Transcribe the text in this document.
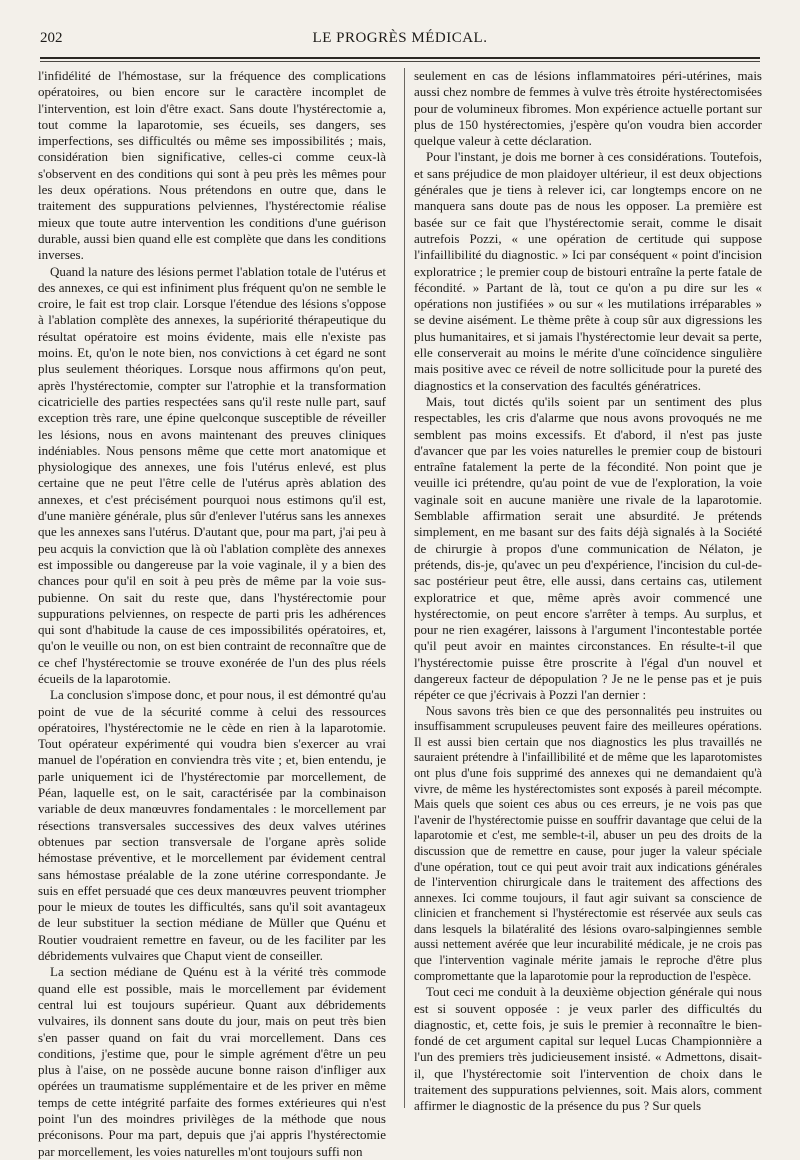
202	LE PROGRÈS MÉDICAL.

l'infidélité de l'hémostase, sur la fréquence des complications opératoires, ou bien encore sur le caractère incomplet de l'intervention, est loin d'être exact. Sans doute l'hystérectomie a, tout comme la laparotomie, ses écueils, ses dangers, ses imperfections, ses difficultés ou même ses impossibilités ; mais, considération bien significative, celles-ci comme ceux-là s'observent en des conditions qui sont à peu près les mêmes pour les deux opérations. Nous prétendons en outre que, dans le traitement des suppurations pelviennes, l'hystérectomie réalise mieux que toute autre intervention les conditions d'une guérison durable, aussi bien quand elle est complète que dans les conditions inverses.

Quand la nature des lésions permet l'ablation totale de l'utérus et des annexes, ce qui est infiniment plus fréquent qu'on ne semble le croire, le fait est trop clair. Lorsque l'étendue des lésions s'oppose à l'ablation complète des annexes, la supériorité thérapeutique du résultat opératoire est moins évidente, mais elle n'existe pas moins. Et, qu'on le note bien, nos convictions à cet égard ne sont plus seulement théoriques. Lorsque nous affirmons qu'on peut, après l'hystérectomie, compter sur l'atrophie et la transformation cicatricielle des parties respectées sans qu'il reste nulle part, sauf exception très rare, une épine quelconque susceptible de réveiller les lésions, nous en avons maintenant des preuves cliniques indéniables. Nous pensons même que cette mort anatomique et physiologique des annexes, une fois l'utérus enlevé, est plus certaine que ne peut l'être celle de l'utérus après ablation des annexes, et c'est précisément pourquoi nous estimons qu'il est, d'une manière générale, plus sûr d'enlever l'utérus sans les annexes que les annexes sans l'utérus. D'autant que, pour ma part, j'ai peu à peu acquis la conviction que là où l'ablation complète des annexes est impossible ou dangereuse par la voie vaginale, il y a bien des chances pour qu'il en soit à peu près de même par la voie sus-pubienne. On sait du reste que, dans l'hystérectomie pour suppurations pelviennes, on respecte de parti pris les adhérences qui sont d'habitude la cause de ces impossibilités opératoires, et, qu'on le veuille ou non, on est bien contraint de reconnaître que de ce chef l'hystérectomie se trouve exonérée de l'un des plus réels écueils de la laparotomie.

La conclusion s'impose donc, et pour nous, il est démontré qu'au point de vue de la sécurité comme à celui des ressources opératoires, l'hystérectomie ne le cède en rien à la laparotomie. Tout opérateur expérimenté qui voudra bien s'exercer au vrai manuel de l'opération en conviendra très vite ; et, bien entendu, je parle uniquement ici de l'hystérectomie par morcellement, de Péan, laquelle est, on le sait, caractérisée par la combinaison variable de deux manœuvres fondamentales : le morcellement par résections transversales successives des deux valves utérines obtenues par section transversale de l'organe après solide hémostase préventive, et le morcellement par évidement central sans hémostase préalable de la zone utérine correspondante. Je suis en effet persuadé que ces deux manœuvres peuvent triompher pour le mieux de toutes les difficultés, sans qu'il soit avantageux de leur substituer la section médiane de Müller que Quénu et Routier voudraient remettre en faveur, ou de les faciliter par les débridements vulvaires que Chaput vient de conseiller.

La section médiane de Quénu est à la vérité très commode quand elle est possible, mais le morcellement par évidement central lui est toujours supérieur. Quant aux débridements vulvaires, ils donnent sans doute du jour, mais on peut très bien s'en passer quand on fait du vrai morcellement. Dans ces conditions, j'estime que, pour le simple agrément d'être un peu plus à l'aise, on ne possède aucune bonne raison d'infliger aux opérées un traumatisme supplémentaire et de les priver en même temps de cette intégrité parfaite des formes extérieures qui n'est point l'un des moindres privilèges de la méthode que nous préconisons. Pour ma part, depuis que j'ai appris l'hystérectomie par morcellement, les voies naturelles m'ont toujours suffi non

seulement en cas de lésions inflammatoires péri-utérines, mais aussi chez nombre de femmes à vulve très étroite hystérectomisées pour de volumineux fibromes. Mon expérience actuelle portant sur plus de 150 hystérectomies, j'espère qu'on voudra bien accorder quelque valeur à cette déclaration.

Pour l'instant, je dois me borner à ces considérations. Toutefois, et sans préjudice de mon plaidoyer ultérieur, il est deux objections générales que je tiens à relever ici, car longtemps encore on ne manquera sans doute pas de nous les opposer. La première est basée sur ce fait que l'hystérectomie serait, comme le disait autrefois Pozzi, « une opération de certitude qui suppose l'infaillibilité du diagnostic. » Ici par conséquent « point d'incision exploratrice ; le premier coup de bistouri entraîne la perte fatale de fécondité. » Partant de là, tout ce qu'on a pu dire sur les « opérations non justifiées » ou sur « les mutilations irréparables » se devine aisément. Le thème prête à coup sûr aux digressions les plus humanitaires, et si jamais l'hystérectomie leur devait sa perte, elle conserverait au moins le mérite d'une coïncidence singulière mais positive avec ce réveil de notre sollicitude pour la pureté des diagnostics et la conservation des facultés génératrices.

Mais, tout dictés qu'ils soient par un sentiment des plus respectables, les cris d'alarme que nous avons provoqués ne me semblent pas moins excessifs. Et d'abord, il n'est pas juste d'avancer que par les voies naturelles le premier coup de bistouri entraîne fatalement la perte de la fécondité. Non point que je veuille ici prétendre, qu'au point de vue de l'exploration, la voie vaginale soit en aucune manière une rivale de la laparotomie. Semblable affirmation serait une absurdité. Je prétends simplement, en me basant sur des faits déjà signalés à la Société de chirurgie à propos d'une communication de Nélaton, je prétends, dis-je, qu'avec un peu d'expérience, l'incision du cul-de-sac postérieur peut être, elle aussi, dans certains cas, utilement exploratrice et que, même après avoir commencé une hystérectomie, on peut encore s'arrêter à temps. Au surplus, et pour ne rien exagérer, laissons à l'argument l'incontestable portée qu'il peut avoir en maintes circonstances. En résulte-t-il que l'hystérectomie puisse être proscrite à l'égal d'un nouvel et dangereux facteur de dépopulation ? Je ne le pense pas et je puis répéter ce que j'écrivais à Pozzi l'an dernier :

Nous savons très bien ce que des personnalités peu instruites ou insuffisamment scrupuleuses peuvent faire des meilleures opérations. Il est aussi bien certain que nos diagnostics les plus travaillés ne sauraient prétendre à l'infaillibilité et de même que les laparotomistes ont plus d'une fois supprimé des annexes qui ne demandaient qu'à vivre, de même les hystérectomistes sont exposés à pareil mécompte. Mais quels que soient ces abus ou ces erreurs, je ne vois pas que l'avenir de l'hystérectomie puisse en souffrir davantage que celui de la laparotomie et c'est, me semble-t-il, abuser un peu des droits de la discussion que de remettre en cause, pour juger la valeur spéciale d'une opération, tout ce qui peut avoir trait aux indications générales de l'intervention chirurgicale dans le traitement des affections des annexes. Ici comme toujours, il faut agir suivant sa conscience de clinicien et franchement si l'hystérectomie est réservée aux seuls cas dans lesquels la bilatéralité des lésions ovaro-salpingiennes semble aussi nettement avérée que leur incurabilité médicale, je ne crois pas que l'intervention vaginale mérite jamais le reproche d'être plus compromettante que la laparotomie pour la reproduction de l'espèce.

Tout ceci me conduit à la deuxième objection générale qui nous est si souvent opposée : je veux parler des difficultés du diagnostic, et, cette fois, je suis le premier à reconnaître le bien-fondé de cet argument capital sur lequel Lucas Championnière a l'un des premiers très judicieusement insisté. « Admettons, disait-il, que l'hystérectomie soit l'intervention de choix dans le traitement des suppurations pelviennes, soit. Mais alors, comment affirmer le diagnostic de la présence du pus ? Sur quels
